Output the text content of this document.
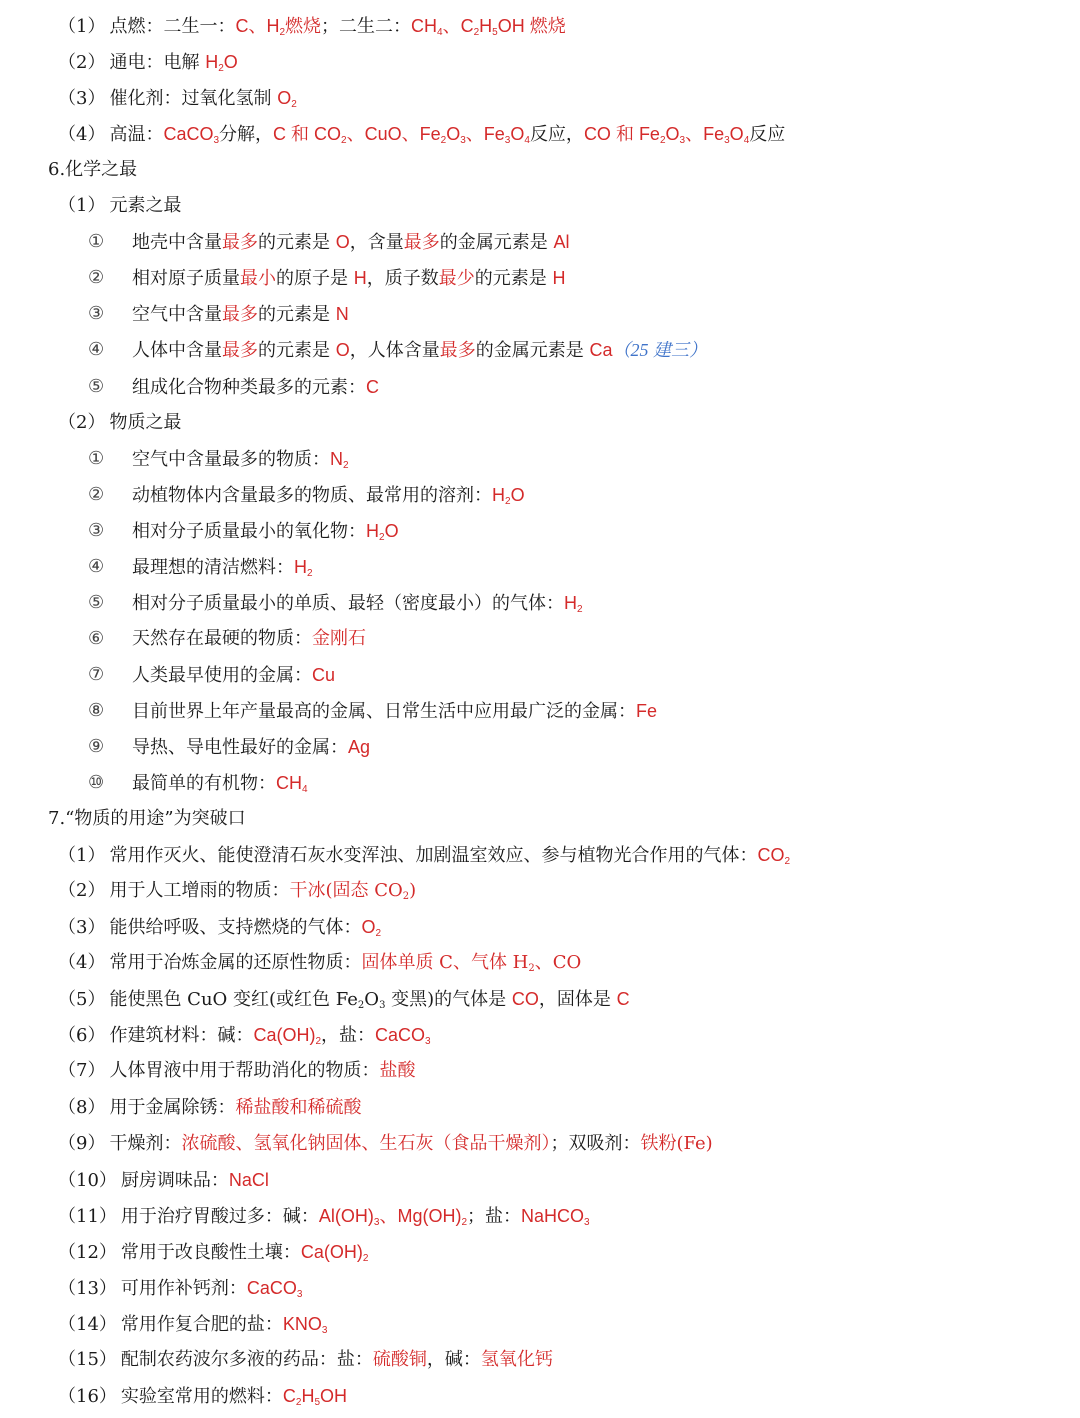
（1） 点燃：二生一：C、$H_2$燃烧；二生二：$CH_4$、$C_2H_5OH$ 燃烧
（2） 通电：电解 $H_2O$
（3） 催化剂：过氧化氢制 $O_2$
（4） 高温：CaCO$_3$分解，C 和 $CO_2$、CuO、$Fe_2O_3$、$Fe_3O_4$反应，CO 和 $Fe_2O_3$、$Fe_3O_4$反应
6.化学之最
（1） 元素之最
① 地壳中含量最多的元素是 O，含量最多的金属元素是 Al
② 相对原子质量最小的原子是 H，质子数最少的元素是 H
③ 空气中含量最多的元素是 N
④ 人体中含量最多的元素是 O，人体含量最多的金属元素是 Ca（25 建三）
⑤ 组成化合物种类最多的元素：C
（2） 物质之最
① 空气中含量最多的物质：$N_2$
② 动植物体内含量最多的物质、最常用的溶剂：$H_2O$
③ 相对分子质量最小的氧化物：$H_2O$
④ 最理想的清洁燃料：$H_2$
⑤ 相对分子质量最小的单质、最轻（密度最小）的气体：$H_2$
⑥ 天然存在最硬的物质：金刚石
⑦ 人类最早使用的金属：Cu
⑧ 目前世界上年产量最高的金属、日常生活中应用最广泛的金属：Fe
⑨ 导热、导电性最好的金属：Ag
⑩ 最简单的有机物：$CH_4$
7.“物质的用途”为突破口
（1） 常用作灭火、能使澄清石灰水变浑浊、加剧温室效应、参与植物光合作用的气体：$CO_2$
（2） 用于人工增雨的物质：干冰(固态 $CO_2$)
（3） 能供给呼吸、支持燃烧的气体：$O_2$
（4） 常用于冶炼金属的还原性物质：固体单质 C、气体 $H_2$、CO
（5） 能使黑色 CuO 变红(或红色 $Fe_2O_3$ 变黑)的气体是 CO，固体是 C
（6） 作建筑材料：碱：$Ca(OH)_2$，盐：CaCO$_3$
（7） 人体胃液中用于帮助消化的物质：盐酸
（8） 用于金属除锈：稀盐酸和稀硫酸
（9） 干燥剂：浓硫酸、氢氧化钠固体、生石灰（食品干燥剂）；双吸剂：铁粉(Fe)
（10） 厨房调味品：NaCl
（11） 用于治疗胃酸过多：碱：$Al(OH)_3$、$Mg(OH)_2$；盐：NaHCO$_3$
（12） 常用于改良酸性土壤：$Ca(OH)_2$
（13） 可用作补钙剂：CaCO$_3$
（14） 常用作复合肥的盐：$KNO_3$
（15） 配制农药波尔多液的药品：盐：硫酸铜，碱：氢氧化钙
（16） 实验室常用的燃料：$C_2H_5OH$
